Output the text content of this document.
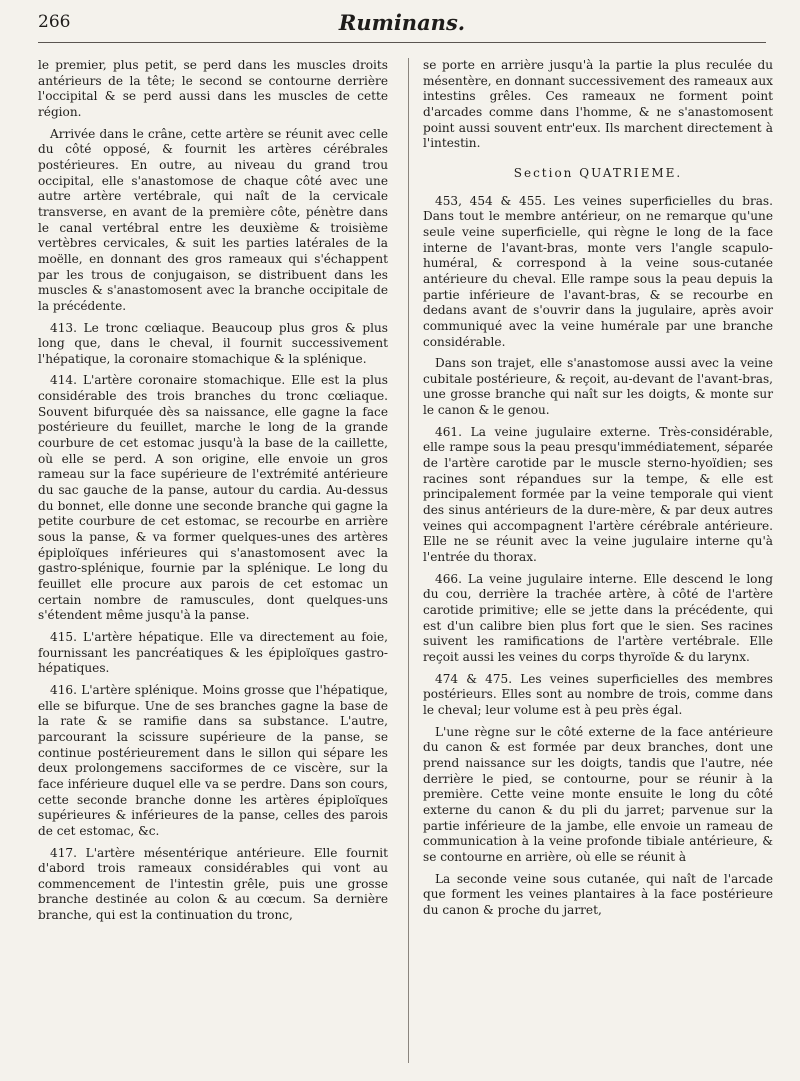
266	Ruminans.

le premier, plus petit, se perd dans les muscles droits antérieurs de la tête; le second se contourne derrière l'occipital & se perd aussi dans les muscles de cette région.

Arrivée dans le crâne, cette artère se réunit avec celle du côté opposé, & fournit les artères cérébrales postérieures. En outre, au niveau du grand trou occipital, elle s'anastomose de chaque côté avec une autre artère vertébrale, qui naît de la cervicale transverse, en avant de la première côte, pénètre dans le canal vertébral entre les deuxième & troisième vertèbres cervicales, & suit les parties latérales de la moëlle, en donnant des gros rameaux qui s'échappent par les trous de conjugaison, se distribuent dans les muscles & s'anastomosent avec la branche occipitale de la précédente.

413. Le tronc cœliaque. Beaucoup plus gros & plus long que, dans le cheval, il fournit successivement l'hépatique, la coronaire stomachique & la splénique.

414. L'artère coronaire stomachique. Elle est la plus considérable des trois branches du tronc cœliaque. Souvent bifurquée dès sa naissance, elle gagne la face postérieure du feuillet, marche le long de la grande courbure de cet estomac jusqu'à la base de la caillette, où elle se perd. A son origine, elle envoie un gros rameau sur la face supérieure de l'extrémité antérieure du sac gauche de la panse, autour du cardia. Au-dessus du bonnet, elle donne une seconde branche qui gagne la petite courbure de cet estomac, se recourbe en arrière sous la panse, & va former quelques-unes des artères épiploïques inférieures qui s'anastomosent avec la gastro-splénique, fournie par la splénique. Le long du feuillet elle procure aux parois de cet estomac un certain nombre de ramuscules, dont quelques-uns s'étendent même jusqu'à la panse.

415. L'artère hépatique. Elle va directement au foie, fournissant les pancréatiques & les épiploïques gastro-hépatiques.

416. L'artère splénique. Moins grosse que l'hépatique, elle se bifurque. Une de ses branches gagne la base de la rate & se ramifie dans sa substance. L'autre, parcourant la scissure supérieure de la panse, se continue postérieurement dans le sillon qui sépare les deux prolongemens sacciformes de ce viscère, sur la face inférieure duquel elle va se perdre. Dans son cours, cette seconde branche donne les artères épiploïques supérieures & inférieures de la panse, celles des parois de cet estomac, &c.

417. L'artère mésentérique antérieure. Elle fournit d'abord trois rameaux considérables qui vont au commencement de l'intestin grêle, puis une grosse branche destinée au colon & au cœcum. Sa dernière branche, qui est la continuation du tronc,

se porte en arrière jusqu'à la partie la plus reculée du mésentère, en donnant successivement des rameaux aux intestins grêles. Ces rameaux ne forment point d'arcades comme dans l'homme, & ne s'anastomosent point aussi souvent entr'eux. Ils marchent directement à l'intestin.

Section QUATRIEME.

453, 454 & 455. Les veines superficielles du bras. Dans tout le membre antérieur, on ne remarque qu'une seule veine superficielle, qui règne le long de la face interne de l'avant-bras, monte vers l'angle scapulo-huméral, & correspond à la veine sous-cutanée antérieure du cheval. Elle rampe sous la peau depuis la partie inférieure de l'avant-bras, & se recourbe en dedans avant de s'ouvrir dans la jugulaire, après avoir communiqué avec la veine humérale par une branche considérable.

Dans son trajet, elle s'anastomose aussi avec la veine cubitale postérieure, & reçoit, au-devant de l'avant-bras, une grosse branche qui naît sur les doigts, & monte sur le canon & le genou.

461. La veine jugulaire externe. Très-considérable, elle rampe sous la peau presqu'immédiatement, séparée de l'artère carotide par le muscle sterno-hyoïdien; ses racines sont répandues sur la tempe, & elle est principalement formée par la veine temporale qui vient des sinus antérieurs de la dure-mère, & par deux autres veines qui accompagnent l'artère cérébrale antérieure. Elle ne se réunit avec la veine jugulaire interne qu'à l'entrée du thorax.

466. La veine jugulaire interne. Elle descend le long du cou, derrière la trachée artère, à côté de l'artère carotide primitive; elle se jette dans la précédente, qui est d'un calibre bien plus fort que le sien. Ses racines suivent les ramifications de l'artère vertébrale. Elle reçoit aussi les veines du corps thyroïde & du larynx.

474 & 475. Les veines superficielles des membres postérieurs. Elles sont au nombre de trois, comme dans le cheval; leur volume est à peu près égal.

L'une règne sur le côté externe de la face antérieure du canon & est formée par deux branches, dont une prend naissance sur les doigts, tandis que l'autre, née derrière le pied, se contourne, pour se réunir à la première. Cette veine monte ensuite le long du côté externe du canon & du pli du jarret; parvenue sur la partie inférieure de la jambe, elle envoie un rameau de communication à la veine profonde tibiale antérieure, & se contourne en arrière, où elle se réunit à

La seconde veine sous cutanée, qui naît de l'arcade que forment les veines plantaires à la face postérieure du canon & proche du jarret,
